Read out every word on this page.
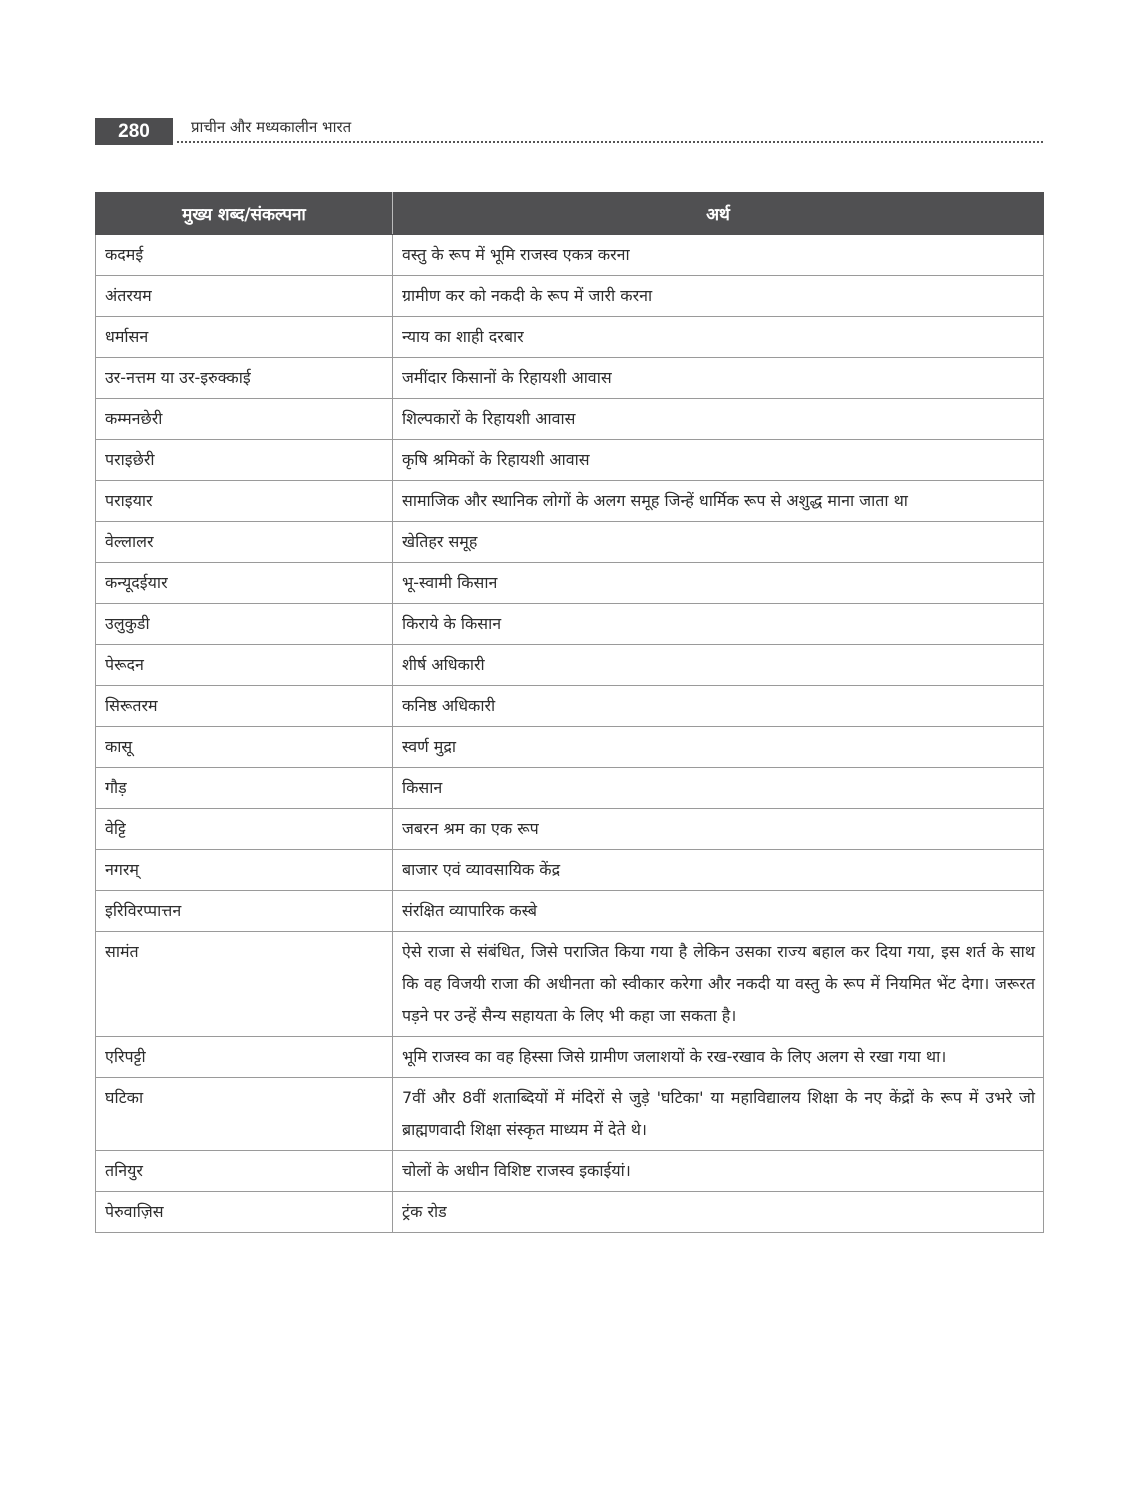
280	प्राचीन और मध्यकालीन भारत
मुख्य शब्द/संकल्पना	अर्थ
कदमई	वस्तु के रूप में भूमि राजस्व एकत्र करना
अंतरयम	ग्रामीण कर को नकदी के रूप में जारी करना
धर्मासन	न्याय का शाही दरबार
उर-नत्तम या उर-इरुक्काई	जमींदार किसानों के रिहायशी आवास
कम्मनछेरी	शिल्पकारों के रिहायशी आवास
पराइछेरी	कृषि श्रमिकों के रिहायशी आवास
पराइयार	सामाजिक और स्थानिक लोगों के अलग समूह जिन्हें धार्मिक रूप से अशुद्ध माना जाता था
वेल्लालर	खेतिहर समूह
कन्यूदईयार	भू-स्वामी किसान
उलुकुडी	किराये के किसान
पेरूदन	शीर्ष अधिकारी
सिरूतरम	कनिष्ठ अधिकारी
कासू	स्वर्ण मुद्रा
गौड़	किसान
वेट्टि	जबरन श्रम का एक रूप
नगरम्	बाजार एवं व्यावसायिक केंद्र
इरिविरप्पात्तन	संरक्षित व्यापारिक कस्बे
सामंत	ऐसे राजा से संबंधित, जिसे पराजित किया गया है लेकिन उसका राज्य बहाल कर दिया गया, इस शर्त के साथ कि वह विजयी राजा की अधीनता को स्वीकार करेगा और नकदी या वस्तु के रूप में नियमित भेंट देगा। जरूरत पड़ने पर उन्हें सैन्य सहायता के लिए भी कहा जा सकता है।
एरिपट्टी	भूमि राजस्व का वह हिस्सा जिसे ग्रामीण जलाशयों के रख-रखाव के लिए अलग से रखा गया था।
घटिका	7वीं और 8वीं शताब्दियों में मंदिरों से जुड़े 'घटिका' या महाविद्यालय शिक्षा के नए केंद्रों के रूप में उभरे जो ब्राह्मणवादी शिक्षा संस्कृत माध्यम में देते थे।
तनियुर	चोलों के अधीन विशिष्ट राजस्व इकाईयां।
पेरुवाज़िस	ट्रंक रोड
